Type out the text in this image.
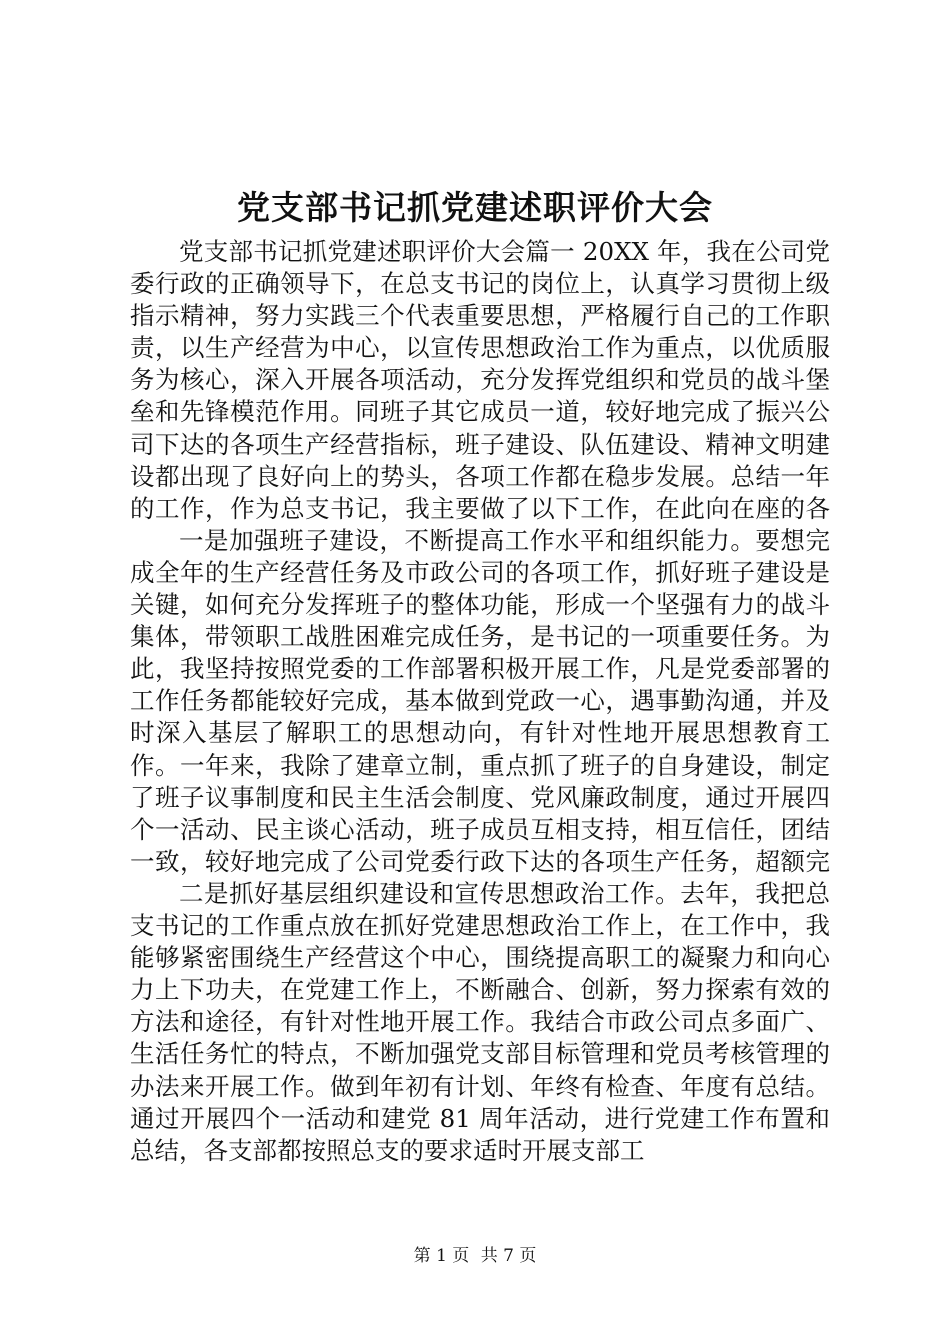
党支部书记抓党建述职评价大会

党支部书记抓党建述职评价大会篇一 20XX 年，我在公司党委行政的正确领导下，在总支书记的岗位上，认真学习贯彻上级指示精神，努力实践三个代表重要思想，严格履行自己的工作职责，以生产经营为中心，以宣传思想政治工作为重点，以优质服务为核心，深入开展各项活动，充分发挥党组织和党员的战斗堡垒和先锋模范作用。同班子其它成员一道，较好地完成了振兴公司下达的各项生产经营指标，班子建设、队伍建设、精神文明建设都出现了良好向上的势头，各项工作都在稳步发展。总结一年的工作，作为总支书记，我主要做了以下工作，在此向在座的各

一是加强班子建设，不断提高工作水平和组织能力。要想完成全年的生产经营任务及市政公司的各项工作，抓好班子建设是关键，如何充分发挥班子的整体功能，形成一个坚强有力的战斗集体，带领职工战胜困难完成任务，是书记的一项重要任务。为此，我坚持按照党委的工作部署积极开展工作，凡是党委部署的工作任务都能较好完成，基本做到党政一心，遇事勤沟通，并及时深入基层了解职工的思想动向，有针对性地开展思想教育工作。一年来，我除了建章立制，重点抓了班子的自身建设，制定了班子议事制度和民主生活会制度、党风廉政制度，通过开展四个一活动、民主谈心活动，班子成员互相支持，相互信任，团结一致，较好地完成了公司党委行政下达的各项生产任务，超额完

二是抓好基层组织建设和宣传思想政治工作。去年，我把总支书记的工作重点放在抓好党建思想政治工作上，在工作中，我能够紧密围绕生产经营这个中心，围绕提高职工的凝聚力和向心力上下功夫，在党建工作上，不断融合、创新，努力探索有效的方法和途径，有针对性地开展工作。我结合市政公司点多面广、生活任务忙的特点，不断加强党支部目标管理和党员考核管理的办法来开展工作。做到年初有计划、年终有检查、年度有总结。通过开展四个一活动和建党 81 周年活动，进行党建工作布置和总结，各支部都按照总支的要求适时开展支部工

第 1 页 共 7 页
